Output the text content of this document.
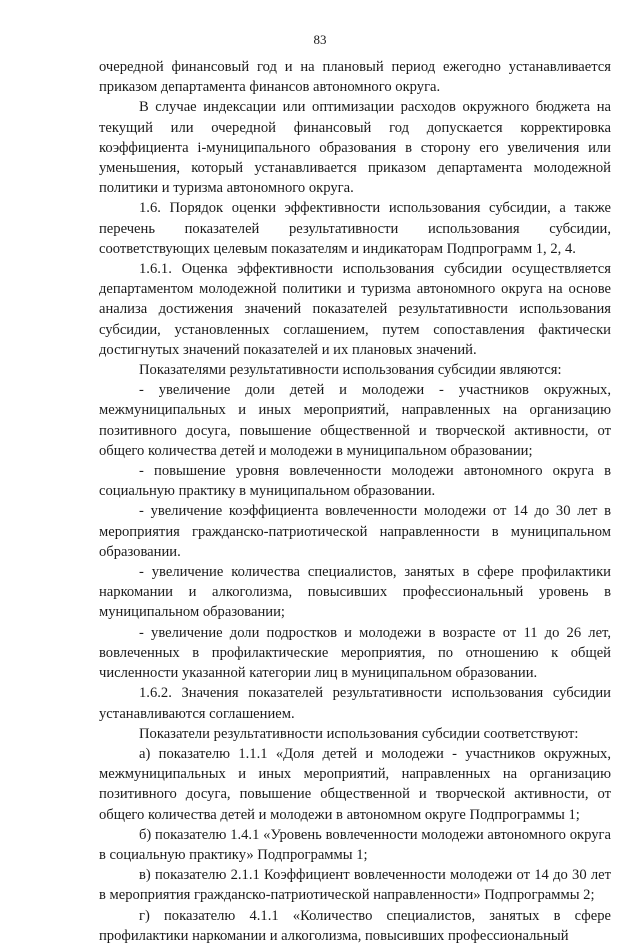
83

очередной финансовый год и на плановый период ежегодно устанавливается приказом департамента финансов автономного округа.

В случае индексации или оптимизации расходов окружного бюджета на текущий или очередной финансовый год допускается корректировка коэффициента i-муниципального образования в сторону его увеличения или уменьшения, который устанавливается приказом департамента молодежной политики и туризма автономного округа.

1.6. Порядок оценки эффективности использования субсидии, а также перечень показателей результативности использования субсидии, соответствующих целевым показателям и индикаторам Подпрограмм 1, 2, 4.

1.6.1. Оценка эффективности использования субсидии осуществляется департаментом молодежной политики и туризма автономного округа на основе анализа достижения значений показателей результативности использования субсидии, установленных соглашением, путем сопоставления фактически достигнутых значений показателей и их плановых значений.

Показателями результативности использования субсидии являются:

- увеличение доли детей и молодежи - участников окружных, межмуниципальных и иных мероприятий, направленных на организацию позитивного досуга, повышение общественной и творческой активности, от общего количества детей и молодежи в муниципальном образовании;

- повышение уровня вовлеченности молодежи автономного округа в социальную практику в муниципальном образовании.

- увеличение коэффициента вовлеченности молодежи от 14 до 30 лет в мероприятия гражданско-патриотической направленности в муниципальном образовании.

- увеличение количества специалистов, занятых в сфере профилактики наркомании и алкоголизма, повысивших профессиональный уровень в муниципальном образовании;

- увеличение доли подростков и молодежи в возрасте от 11 до 26 лет, вовлеченных в профилактические мероприятия, по отношению к общей численности указанной категории лиц в муниципальном образовании.

1.6.2. Значения показателей результативности использования субсидии устанавливаются соглашением.

Показатели результативности использования субсидии соответствуют:

а) показателю 1.1.1 «Доля детей и молодежи - участников окружных, межмуниципальных и иных мероприятий, направленных на организацию позитивного досуга, повышение общественной и творческой активности, от общего количества детей и молодежи в автономном округе Подпрограммы 1;

б) показателю 1.4.1 «Уровень вовлеченности молодежи автономного округа в социальную практику» Подпрограммы 1;

в) показателю 2.1.1 Коэффициент вовлеченности молодежи от 14 до 30 лет в мероприятия гражданско-патриотической направленности» Подпрограммы 2;

г) показателю 4.1.1 «Количество специалистов, занятых в сфере профилактики наркомании и алкоголизма, повысивших профессиональный
